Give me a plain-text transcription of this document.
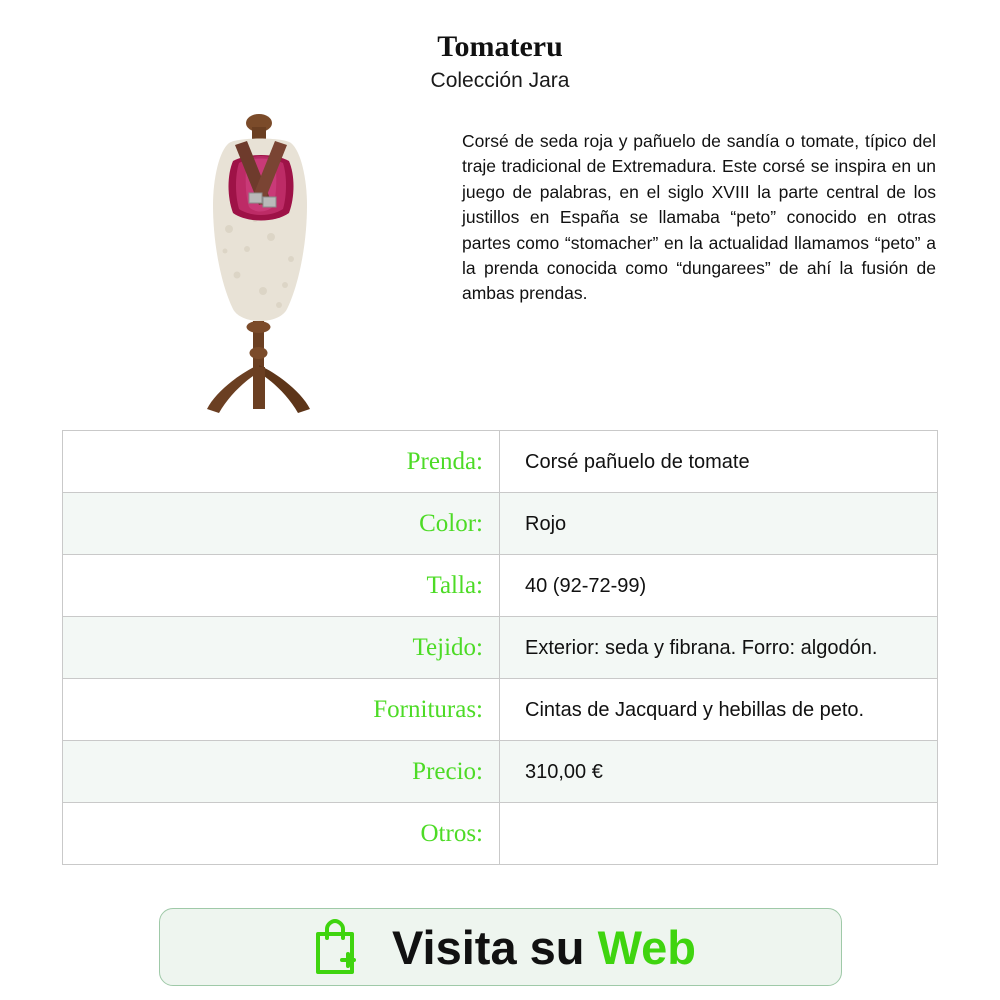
Tomateru
Colección Jara
Corsé de seda roja y pañuelo de sandía o tomate, típico del traje tradicional de Extremadura. Este corsé se inspira en un juego de palabras, en el siglo XVIII la parte central de los justillos en España se llamaba “peto” conocido en otras partes como “stomacher” en la actualidad llamamos “peto” a la prenda conocida como “dungarees” de ahí la fusión de ambas prendas.
Prenda:	Corsé pañuelo de tomate
Color:	Rojo
Talla:	40 (92-72-99)
Tejido:	Exterior: seda y fibrana. Forro: algodón.
Fornituras:	Cintas de Jacquard y hebillas de peto.
Precio:	310,00 €
Otros:
Visita su Web
